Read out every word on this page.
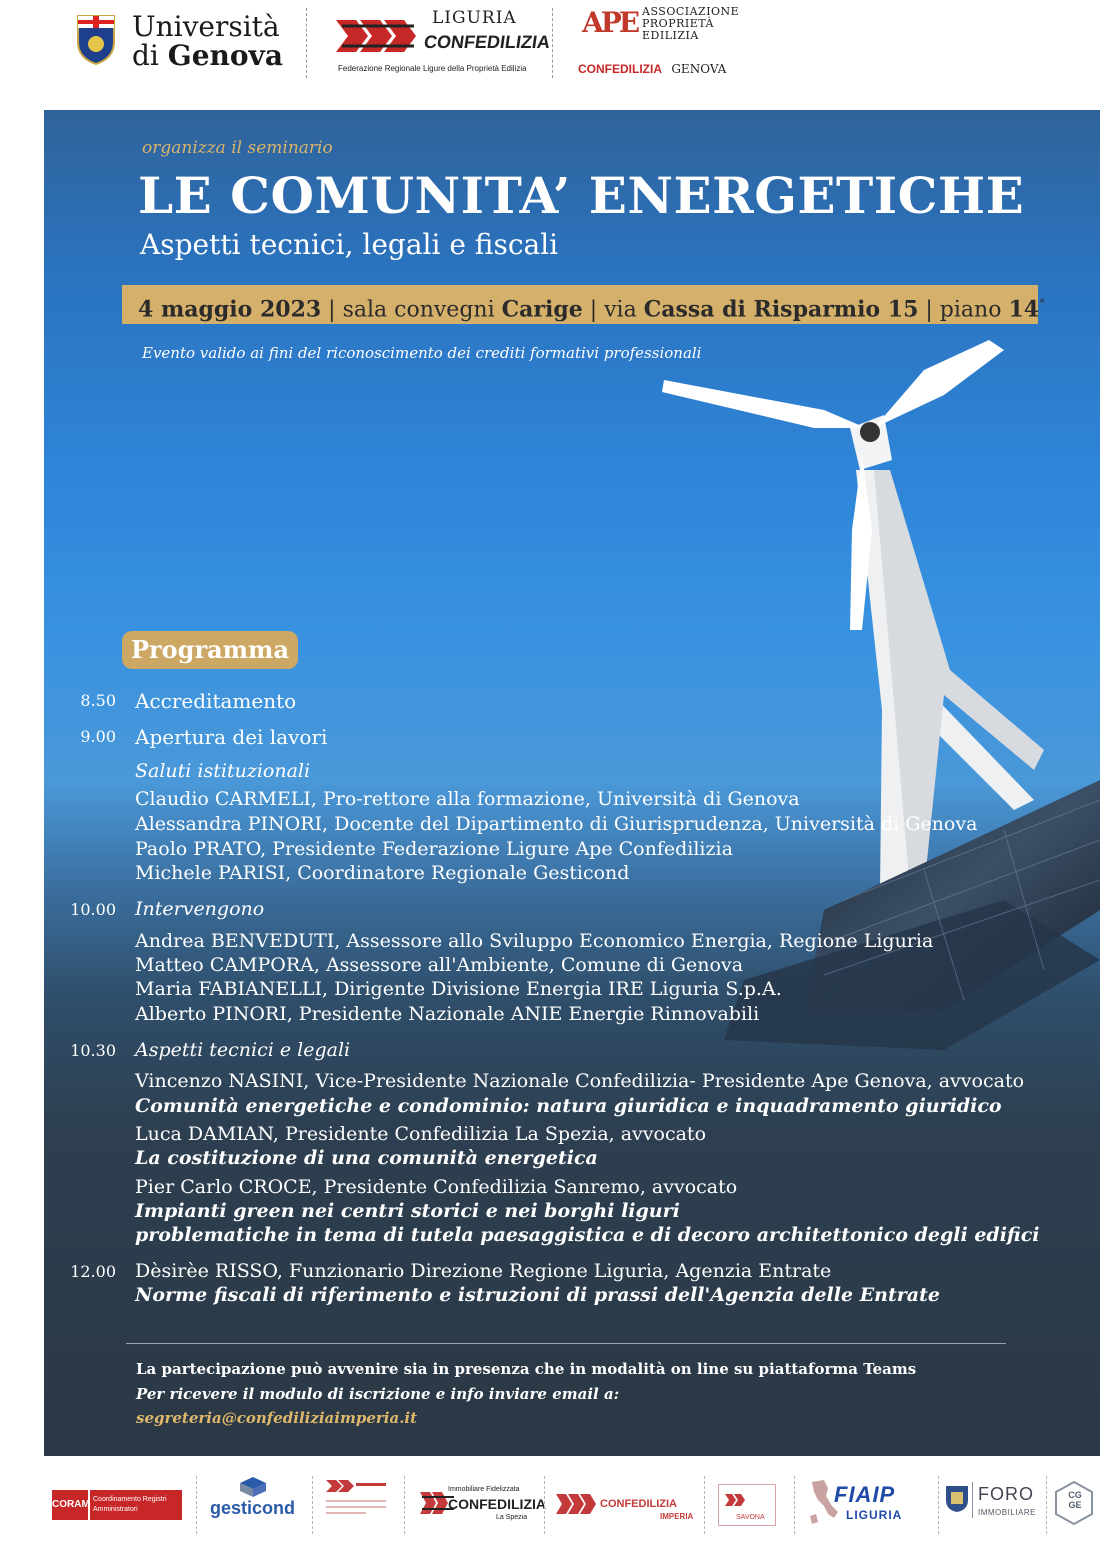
Università
di Genova
LIGURIA
CONFEDILIZIA
Federazione Regionale Ligure della Proprietà Edilizia
APE ASSOCIAZIONE
PROPRIETÀ
EDILIZIA
CONFEDILIZIA GENOVA
organizza il seminario
LE COMUNITA’ ENERGETICHE
Aspetti tecnici, legali e fiscali
4 maggio 2023 | sala convegni Carige | via Cassa di Risparmio 15 | piano 14°
Evento valido ai fini del riconoscimento dei crediti formativi professionali
Programma
8.50 Accreditamento
9.00 Apertura dei lavori
Saluti istituzionali
Claudio CARMELI, Pro-rettore alla formazione, Università di Genova
Alessandra PINORI, Docente del Dipartimento di Giurisprudenza, Università di Genova
Paolo PRATO, Presidente Federazione Ligure Ape Confedilizia
Michele PARISI, Coordinatore Regionale Gesticond
10.00 Intervengono
Andrea BENVEDUTI, Assessore allo Sviluppo Economico Energia, Regione Liguria
Matteo CAMPORA, Assessore all'Ambiente, Comune di Genova
Maria FABIANELLI, Dirigente Divisione Energia IRE Liguria S.p.A.
Alberto PINORI, Presidente Nazionale ANIE Energie Rinnovabili
10.30 Aspetti tecnici e legali
Vincenzo NASINI, Vice-Presidente Nazionale Confedilizia- Presidente Ape Genova, avvocato
Comunità energetiche e condominio: natura giuridica e inquadramento giuridico
Luca DAMIAN, Presidente Confedilizia La Spezia, avvocato
La costituzione di una comunità energetica
Pier Carlo CROCE, Presidente Confedilizia Sanremo, avvocato
Impianti green nei centri storici e nei borghi liguri
problematiche in tema di tutela paesaggistica e di decoro architettonico degli edifici
12.00 Dèsirèe RISSO, Funzionario Direzione Regione Liguria, Agenzia Entrate
Norme fiscali di riferimento e istruzioni di prassi dell'Agenzia delle Entrate
La partecipazione può avvenire sia in presenza che in modalità on line su piattaforma Teams
Per ricevere il modulo di iscrizione e info inviare email a:
segreteria@confediliziaimperia.it
CORAM Coordinamento Registri Amministratori	gesticond
Immobiliare Fidelizzata
CONFEDILIZIA
La Spezia
CONFEDILIZIA
IMPERIA	SAVONA
FIAIP
LIGURIA
FORO
IMMOBILIARE
CG GE
